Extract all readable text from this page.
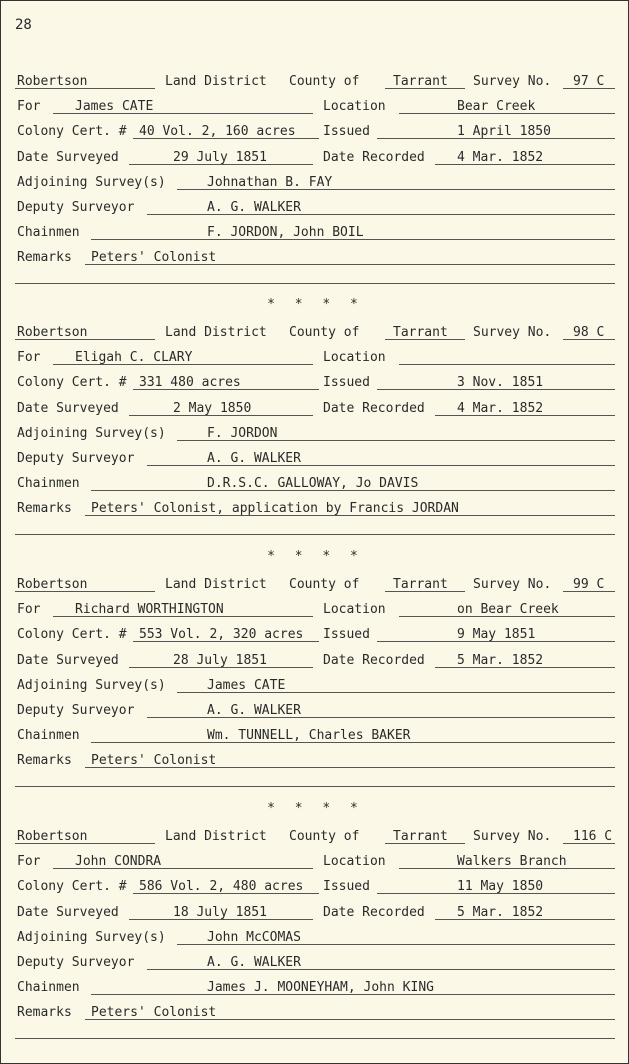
28
Robertson	Land District County of	Tarrant Survey No. 97 C
For	James CATE	Location	Bear Creek
Colony Cert. # 40 Vol. 2, 160 acres Issued	1 April 1850
Date Surveyed	29 July 1851	Date Recorded 4 Mar. 1852
Adjoining Survey(s)	Johnathan B. FAY
Deputy Surveyor	A. G. WALKER
Chainmen	F. JORDON, John BOIL
Remarks Peters' Colonist
Robertson	Land District County of	Tarrant Survey No. 98 C
For	Eligah C. CLARY	Location
Colony Cert. # 331 480 acres	Issued	3 Nov. 1851
Date Surveyed	2 May 1850	Date Recorded 4 Mar. 1852
Adjoining Survey(s)	F. JORDON
Deputy Surveyor	A. G. WALKER
Chainmen	D.R.S.C. GALLOWAY, Jo DAVIS
Remarks Peters' Colonist, application by Francis JORDAN
Robertson	Land District County of	Tarrant Survey No. 99 C
For	Richard WORTHINGTON	Location	on Bear Creek
Colony Cert. # 553 Vol. 2, 320 acres Issued	9 May 1851
Date Surveyed	28 July 1851	Date Recorded 5 Mar. 1852
Adjoining Survey(s)	James CATE
Deputy Surveyor	A. G. WALKER
Chainmen	Wm. TUNNELL, Charles BAKER
Remarks Peters' Colonist
Robertson	Land District County of	Tarrant Survey No. 116 C
For	John CONDRA	Location	Walkers Branch
Colony Cert. # 586 Vol. 2, 480 acres Issued	11 May 1850
Date Surveyed	18 July 1851	Date Recorded 5 Mar. 1852
Adjoining Survey(s)	John McCOMAS
Deputy Surveyor	A. G. WALKER
Chainmen	James J. MOONEYHAM, John KING
Remarks Peters' Colonist
* * * *
* * * *
* * * *
